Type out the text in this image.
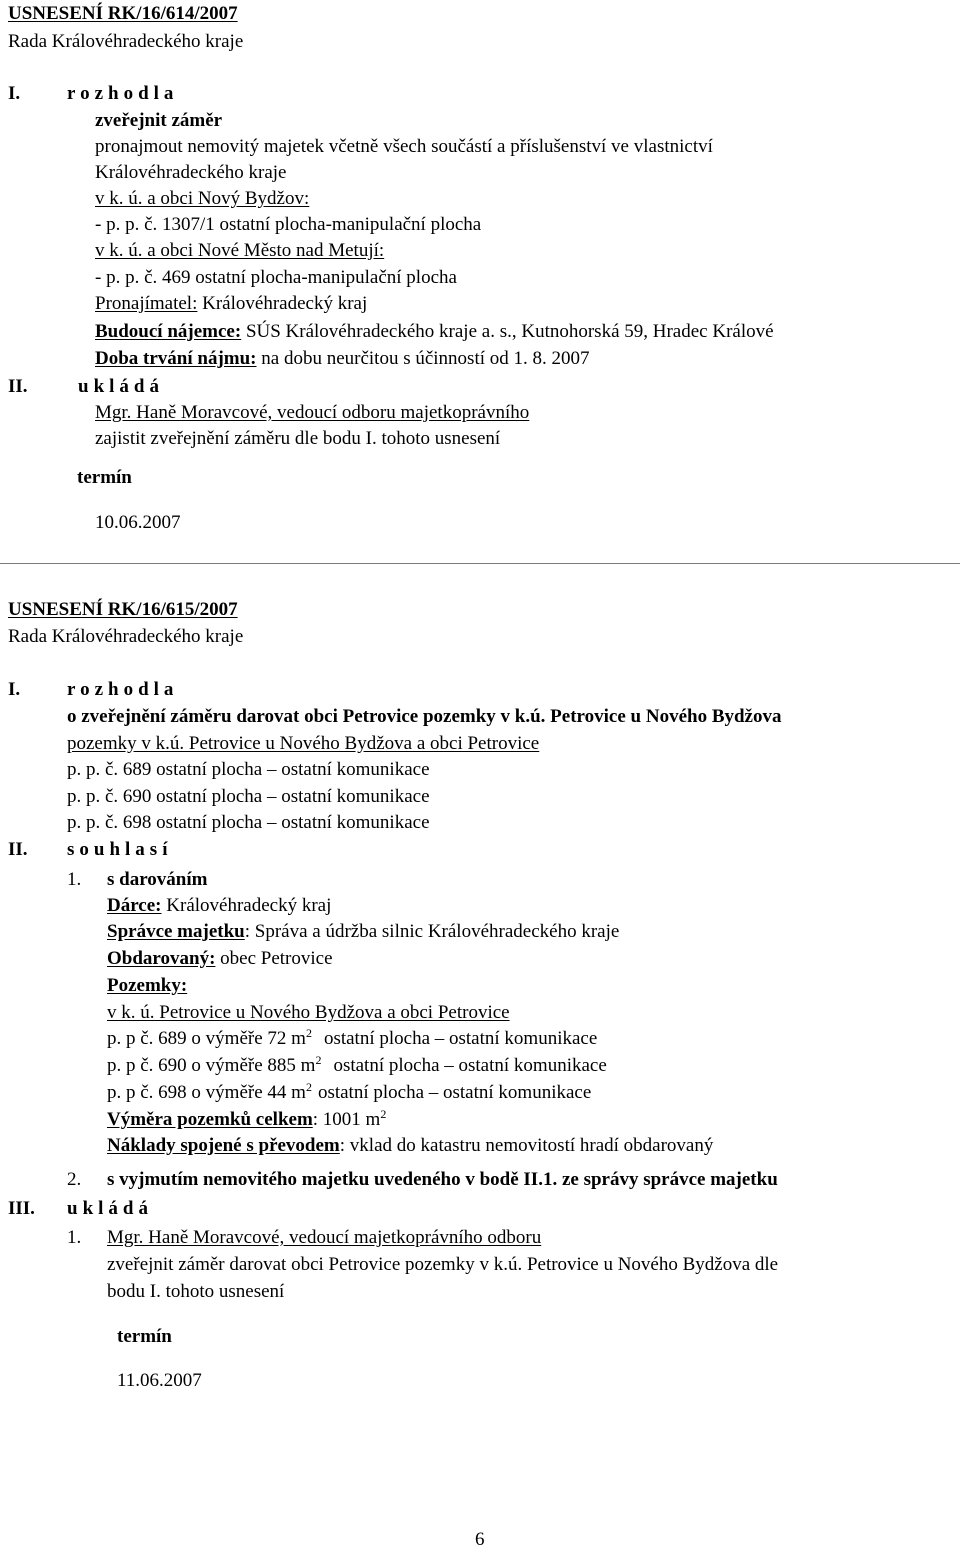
USNESENÍ RK/16/614/2007
Rada Královéhradeckého kraje
I. rozhodla
zveřejnit záměr
pronajmout nemovitý majetek včetně všech součástí a příslušenství ve vlastnictví
Královéhradeckého kraje
v k. ú. a obci Nový Bydžov:
- p. p. č. 1307/1 ostatní plocha-manipulační plocha
v k. ú. a obci Nové Město nad Metují:
- p. p. č. 469 ostatní plocha-manipulační plocha
Pronajímatel: Královéhradecký kraj
Budoucí nájemce: SÚS Královéhradeckého kraje a. s., Kutnohorská 59, Hradec Králové
Doba trvání nájmu: na dobu neurčitou s účinností od 1. 8. 2007
II.	ukládá
Mgr. Haně Moravcové, vedoucí odboru majetkoprávního
zajistit zveřejnění záměru dle bodu I. tohoto usnesení
termín
10.06.2007
USNESENÍ RK/16/615/2007
Rada Královéhradeckého kraje
I. rozhodla
o zveřejnění záměru darovat obci Petrovice pozemky v k.ú. Petrovice u Nového Bydžova
pozemky v k.ú. Petrovice u Nového Bydžova a obci Petrovice
p. p. č. 689 ostatní plocha – ostatní komunikace
p. p. č. 690 ostatní plocha – ostatní komunikace
p. p. č. 698 ostatní plocha – ostatní komunikace
II. souhlasí
1. s darováním
Dárce: Královéhradecký kraj
Správce majetku: Správa a údržba silnic Královéhradeckého kraje
Obdarovaný: obec Petrovice
Pozemky:
v k. ú. Petrovice u Nového Bydžova a obci Petrovice
p. p č. 689 o výměře 72 $m^2$ ostatní plocha – ostatní komunikace
p. p č. 690 o výměře 885 $m^2$ ostatní plocha – ostatní komunikace
p. p č. 698 o výměře 44 $m^2$ ostatní plocha – ostatní komunikace
Výměra pozemků celkem: 1001 $m^2$
Náklady spojené s převodem: vklad do katastru nemovitostí hradí obdarovaný
2. s vyjmutím nemovitého majetku uvedeného v bodě II.1. ze správy správce majetku
III. ukládá
1. Mgr. Haně Moravcové, vedoucí majetkoprávního odboru
zveřejnit záměr darovat obci Petrovice pozemky v k.ú. Petrovice u Nového Bydžova dle
bodu I. tohoto usnesení
termín
11.06.2007
6
